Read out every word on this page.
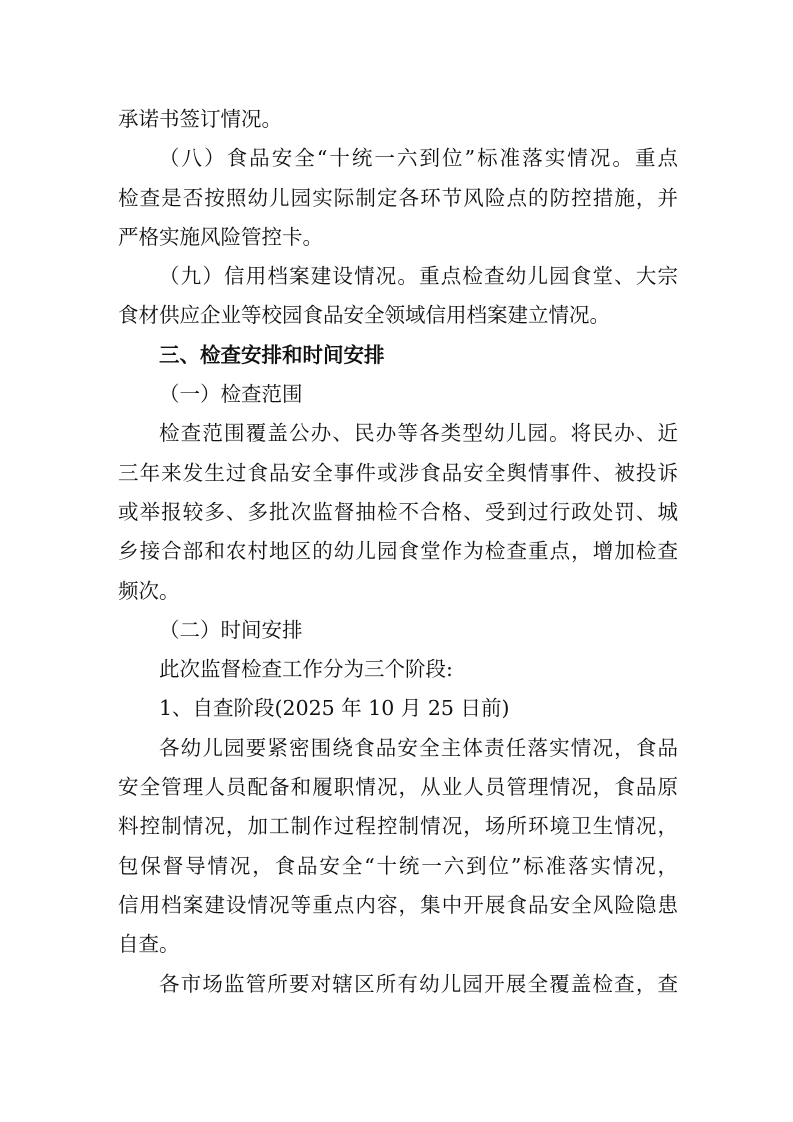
承诺书签订情况。
（八）食品安全“十统一六到位”标准落实情况。重点
检查是否按照幼儿园实际制定各环节风险点的防控措施，并
严格实施风险管控卡。
（九）信用档案建设情况。重点检查幼儿园食堂、大宗
食材供应企业等校园食品安全领域信用档案建立情况。
三、检查安排和时间安排
（一）检查范围
检查范围覆盖公办、民办等各类型幼儿园。将民办、近
三年来发生过食品安全事件或涉食品安全舆情事件、被投诉
或举报较多、多批次监督抽检不合格、受到过行政处罚、城
乡接合部和农村地区的幼儿园食堂作为检查重点，增加检查
频次。
（二）时间安排
此次监督检查工作分为三个阶段:
1、自查阶段(2025 年 10 月 25 日前)
各幼儿园要紧密围绕食品安全主体责任落实情况，食品
安全管理人员配备和履职情况，从业人员管理情况，食品原
料控制情况，加工制作过程控制情况，场所环境卫生情况，
包保督导情况，食品安全“十统一六到位”标准落实情况，
信用档案建设情况等重点内容，集中开展食品安全风险隐患
自查。
各市场监管所要对辖区所有幼儿园开展全覆盖检查，查
